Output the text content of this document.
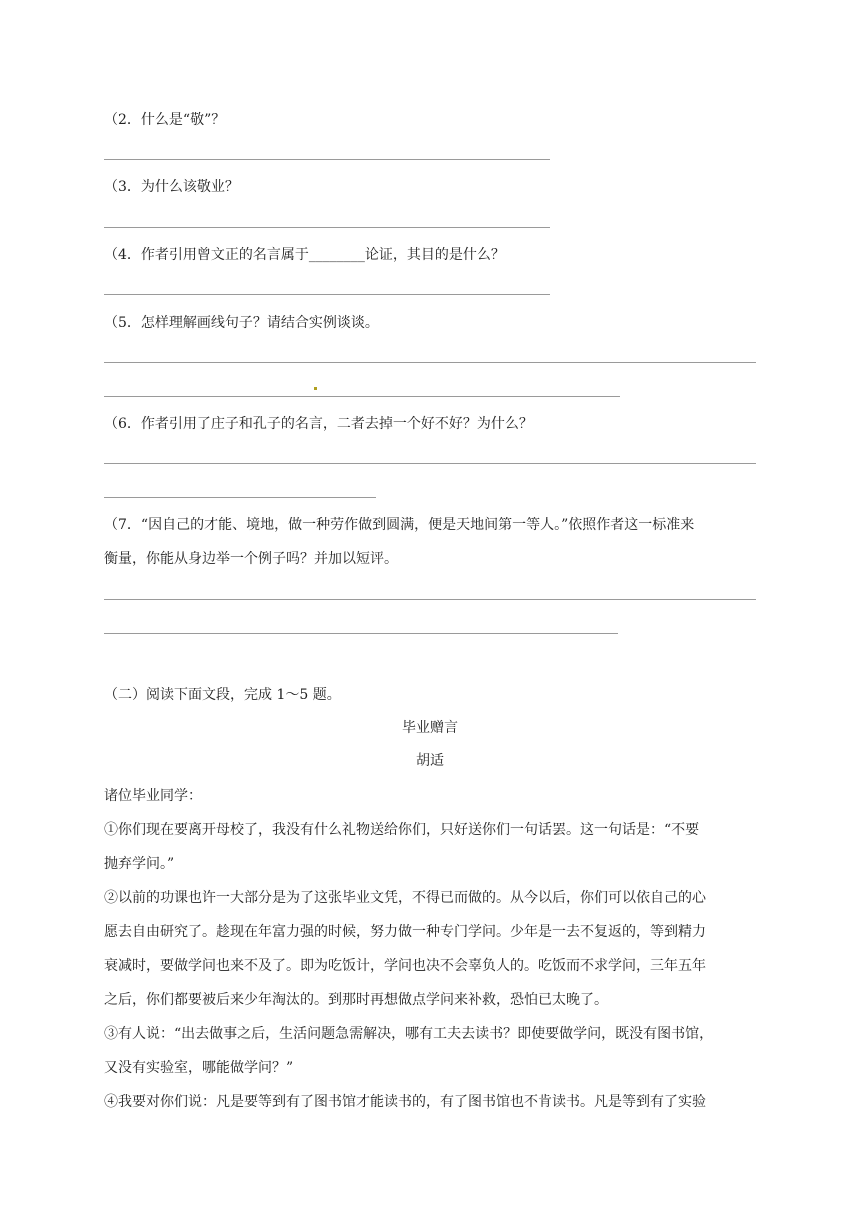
（2．什么是“敬”？
（3．为什么该敬业？
（4．作者引用曾文正的名言属于________论证，其目的是什么？
（5．怎样理解画线句子？请结合实例谈谈。
（6．作者引用了庄子和孔子的名言，二者去掉一个好不好？为什么？
（7．“因自己的才能、境地，做一种劳作做到圆满，便是天地间第一等人。”依照作者这一标准来
衡量，你能从身边举一个例子吗？并加以短评。
（二）阅读下面文段，完成 1～5 题。
毕业赠言
胡适
诸位毕业同学：
①你们现在要离开母校了，我没有什么礼物送给你们，只好送你们一句话罢。这一句话是：“不要
抛弃学问。”
②以前的功课也许一大部分是为了这张毕业文凭，不得已而做的。从今以后，你们可以依自己的心
愿去自由研究了。趁现在年富力强的时候，努力做一种专门学问。少年是一去不复返的，等到精力
衰减时，要做学问也来不及了。即为吃饭计，学问也决不会辜负人的。吃饭而不求学问，三年五年
之后，你们都要被后来少年淘汰的。到那时再想做点学问来补救，恐怕已太晚了。
③有人说：“出去做事之后，生活问题急需解决，哪有工夫去读书？即使要做学问，既没有图书馆，
又没有实验室，哪能做学问？”
④我要对你们说：凡是要等到有了图书馆才能读书的，有了图书馆也不肯读书。凡是等到有了实验
